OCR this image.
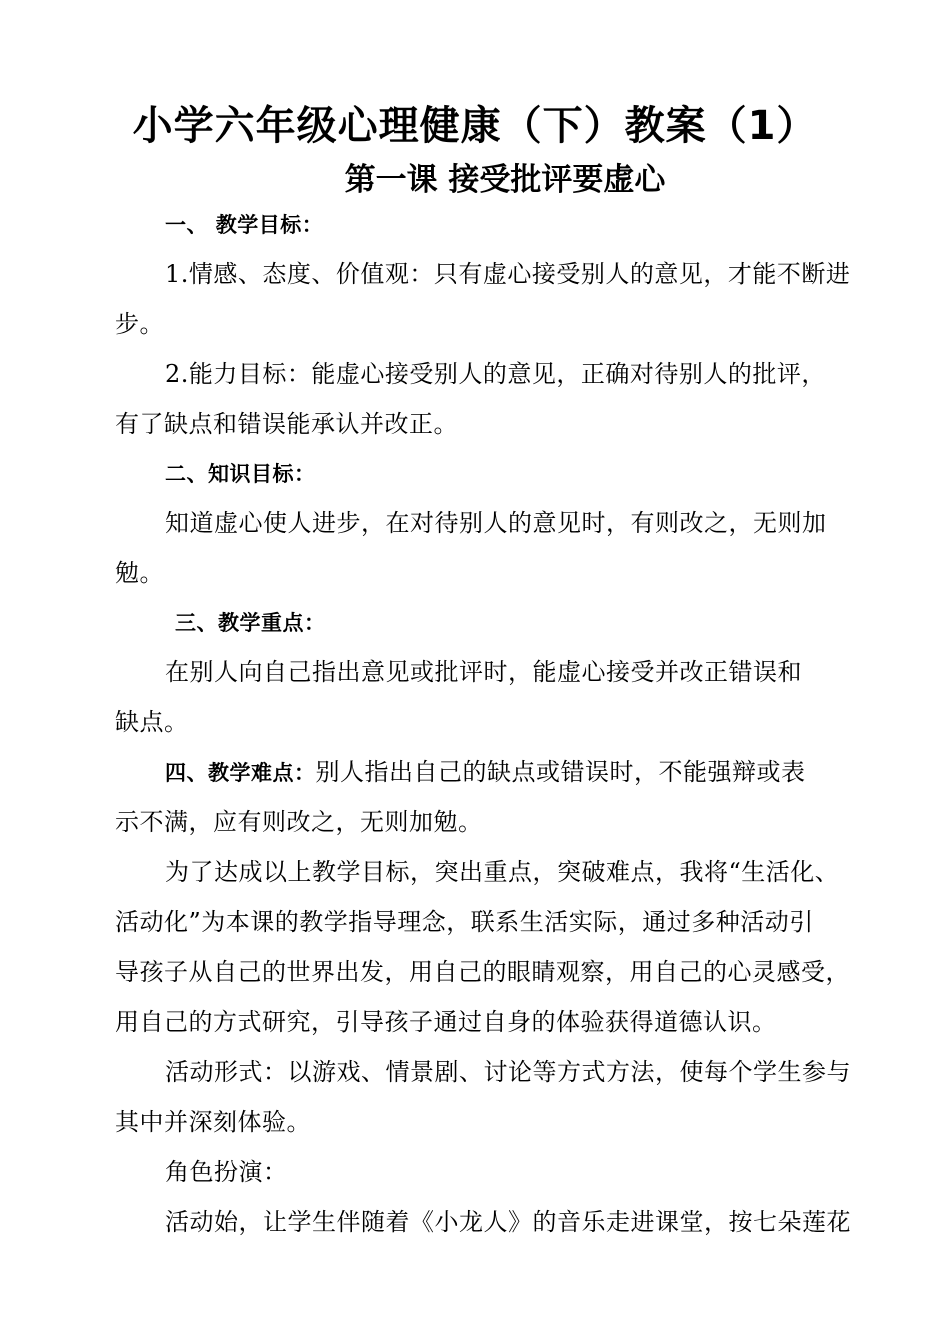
小学六年级心理健康（下）教案（1）
第一课 接受批评要虚心
一、 教学目标：
1.情感、态度、价值观：只有虚心接受别人的意见，才能不断进
步。
2.能力目标：能虚心接受别人的意见，正确对待别人的批评，
有了缺点和错误能承认并改正。
二、知识目标：
知道虚心使人进步，在对待别人的意见时，有则改之，无则加
勉。
三、教学重点：
在别人向自己指出意见或批评时，能虚心接受并改正错误和
缺点。
四、教学难点：别人指出自己的缺点或错误时，不能强辩或表
示不满，应有则改之，无则加勉。
为了达成以上教学目标，突出重点，突破难点，我将“生活化、
活动化”为本课的教学指导理念，联系生活实际，通过多种活动引
导孩子从自己的世界出发，用自己的眼睛观察，用自己的心灵感受，
用自己的方式研究，引导孩子通过自身的体验获得道德认识。
活动形式：以游戏、情景剧、讨论等方式方法，使每个学生参与
其中并深刻体验。
角色扮演：
活动始，让学生伴随着《小龙人》的音乐走进课堂，按七朵莲花
